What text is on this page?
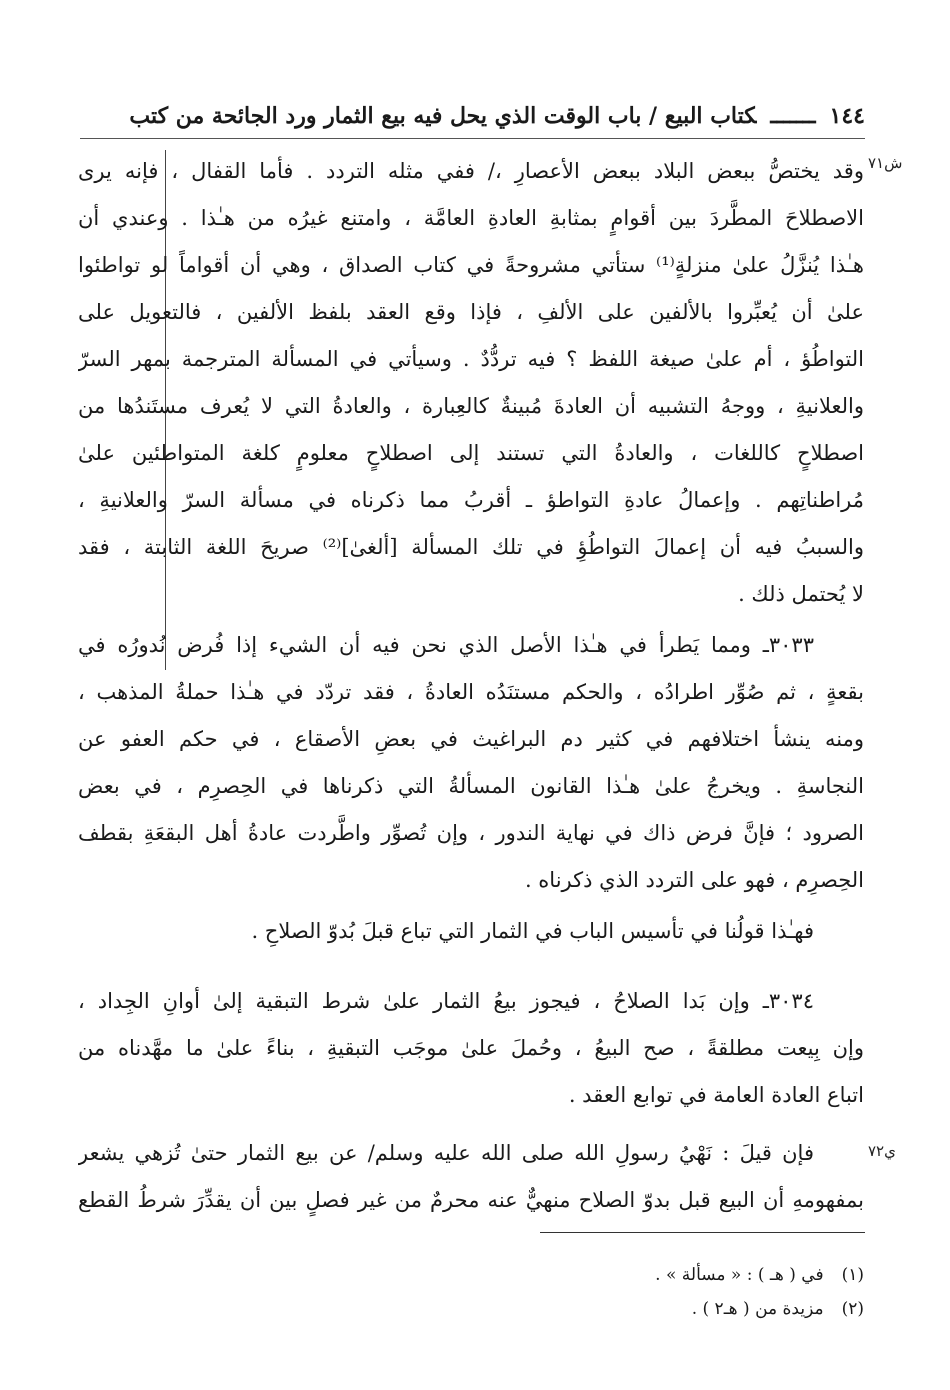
١٤٤ـــــــكتاب البيع / باب الوقت الذي يحل فيه بيع الثمار ورد الجائحة من كتب
ش٧١
ي٧٢
وقد يختصُّ ببعض البلاد ببعض الأعصارِ ،/ ففي مثله التردد . فأما القفال ، فإنه يرى
الاصطلاحَ المطَّردَ بين أقوامٍ بمثابةِ العادةِ العامَّة ، وامتنع غيرُه من هـٰذا . وعندي أن
هـٰذا يُنزَّلُ علىٰ منزلةٍ⁽¹⁾ ستأتي مشروحةً في كتاب الصداق ، وهي أن أقواماً لو تواطئوا
علىٰ أن يُعبِّروا بالألفين على الألفِ ، فإذا وقع العقد بلفظ الألفين ، فالتعويل على
التواطُؤ ، أم علىٰ صيغة اللفظ ؟ فيه تردُّدٌ . وسيأتي في المسألة المترجمة بمهر السرّ
والعلانيةِ ، ووجهُ التشبيه أن العادةَ مُبينةٌ كالعِبارة ، والعادةُ التي لا يُعرف مستَندُها من
اصطلاحٍ كاللغات ، والعادةُ التي تستند إلى اصطلاحٍ معلومٍ كلغة المتواطئين علىٰ
مُراطناتِهم . وإعمالُ عادةِ التواطؤ ـ أقربُ مما ذكرناه في مسألة السرّ والعلانيةِ ،
والسببُ فيه أن إعمالَ التواطُؤِ في تلك المسألة [ألغىٰ]⁽²⁾ صريحَ اللغة الثابتة ، فقد
لا يُحتمل ذلك .
٣٠٣٣ـ ومما يَطرأ في هـٰذا الأصل الذي نحن فيه أن الشيء إذا فُرض نُدورُه في
بقعةٍ ، ثم صُوِّر اطرادُه ، والحكم مستنَدُه العادةُ ، فقد تردّد في هـٰذا حملةُ المذهب ،
ومنه ينشأ اختلافهم في كثير دم البراغيث في بعضِ الأصقاع ، في حكم العفو عن
النجاسةِ . ويخرجُ علىٰ هـٰذا القانون المسألةُ التي ذكرناها في الحِصرِم ، في بعض
الصرود ؛ فإنَّ فرض ذاك في نهاية الندور ، وإن تُصوِّر واطَّردت عادةُ أهل البقعَةِ بقطف
الحِصرِم ، فهو على التردد الذي ذكرناه .
فهـٰذا قولُنا في تأسيس الباب في الثمار التي تباع قبلَ بُدوّ الصلاحِ .
٣٠٣٤ـ وإن بَدا الصلاحُ ، فيجوز بيعُ الثمار علىٰ شرط التبقية إلىٰ أوانِ الجِداد ،
وإن بِيعت مطلقةً ، صح البيعُ ، وحُملَ علىٰ موجَب التبقيةِ ، بناءً علىٰ ما مهَّدناه من
اتباع العادة العامة في توابع العقد .
فإن قيلَ : نَهْيُ رسولِ الله صلى الله عليه وسلم/ عن بيع الثمار حتىٰ تُزهي يشعر
بمفهومهِ أن البيع قبل بدوّ الصلاح منهيٌّ عنه محرمٌ من غير فصلٍ بين أن يقدِّرَ شرطُ القطع
(١)في ( هـ ) : « مسألة » .
(٢)مزيدة من ( هـ٢ ) .
